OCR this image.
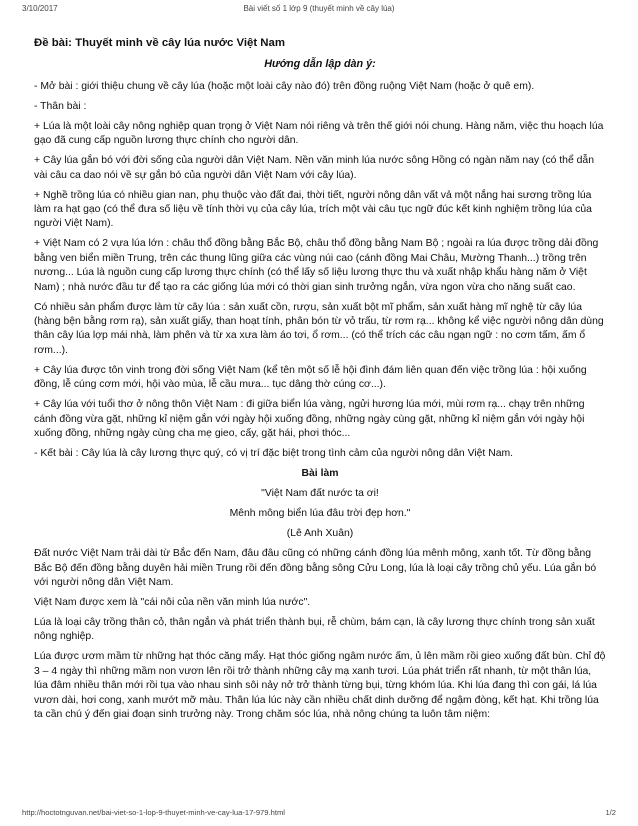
3/10/2017	Bài viết số 1 lớp 9 (thuyết minh về cây lúa)

Đề bài: Thuyết minh về cây lúa nước Việt Nam

Hướng dẫn lập dàn ý:

- Mở bài : giới thiệu chung về cây lúa (hoặc một loài cây nào đó) trên đồng ruộng Việt Nam (hoặc ở quê em).

- Thân bài :

+ Lúa là một loài cây nông nghiệp quan trọng ở Việt Nam nói riêng và trên thế giới nói chung. Hàng năm, việc thu hoạch lúa gạo đã cung cấp nguồn lương thực chính cho người dân.

+ Cây lúa gắn bó với đời sống của người dân Việt Nam. Nền văn minh lúa nước sông Hồng có ngàn năm nay (có thể dẫn vài câu ca dao nói về sự gắn bó của người dân Việt Nam với cây lúa).

+ Nghề trồng lúa có nhiều gian nan, phụ thuộc vào đất đai, thời tiết, người nông dân vất vả một nắng hai sương trồng lúa làm ra hạt gạo (có thể đưa số liệu về tính thời vụ của cây lúa, trích một vài câu tục ngữ đúc kết kinh nghiệm trồng lúa của người Việt Nam).

+ Việt Nam có 2 vựa lúa lớn : châu thổ đồng bằng Bắc Bộ, châu thổ đồng bằng Nam Bộ ; ngoài ra lúa được trồng dải đồng bằng ven biển miền Trung, trên các thung lũng giữa các vùng núi cao (cánh đồng Mai Châu, Mường Thanh...) trồng trên nương... Lúa là nguồn cung cấp lương thực chính (có thể lấy số liệu lương thực thu và xuất nhập khẩu hàng năm ở Việt Nam) ; nhà nước đầu tư để tạo ra các giống lúa mới có thời gian sinh trưởng ngắn, vừa ngon vừa cho năng suất cao.

Có nhiều sản phẩm được làm từ cây lúa : sản xuất cồn, rượu, sản xuất bột mĩ phẩm, sản xuất hàng mĩ nghệ từ cây lúa (hàng bện bằng rơm rạ), sản xuất giấy, than hoạt tính, phân bón từ vỏ trấu, từ rơm rạ... không kể việc người nông dân dùng thân cây lúa lợp mái nhà, làm phên và từ xa xưa làm áo tơi, ổ rơm... (có thể trích các câu ngạn ngữ : no cơm tấm, ấm ổ rơm...).

+ Cây lúa được tôn vinh trong đời sống Việt Nam (kể tên một số lễ hội đình đám liên quan đến việc trồng lúa : hội xuống đồng, lễ cúng cơm mới, hội vào mùa, lễ cầu mưa... tục dâng thờ cúng cơ...).

+ Cây lúa với tuổi thơ ở nông thôn Việt Nam : đi giữa biển lúa vàng, ngửi hương lúa mới, mùi rơm rạ... chạy trên những cánh đồng vừa gặt, những kỉ niệm gắn với ngày hội xuống đồng, những ngày cùng gặt, những kỉ niệm gắn với ngày hội xuống đồng, những ngày cùng cha mẹ gieo, cấy, gặt hái, phơi thóc...

- Kết bài : Cây lúa là cây lương thực quý, có vị trí đặc biệt trong tình cảm của người nông dân Việt Nam.

Bài làm

"Việt Nam đất nước ta ơi!

Mênh mông biển lúa đâu trời đẹp hơn."

(Lê Anh Xuân)

Đất nước Việt Nam trải dài từ Bắc đến Nam, đâu đâu cũng có những cánh đồng lúa mênh mông, xanh tốt. Từ đồng bằng Bắc Bộ đến đồng bằng duyên hải miền Trung rồi đến đồng bằng sông Cửu Long, lúa là loại cây trồng chủ yếu. Lúa gắn bó với người nông dân Việt Nam.

Việt Nam được xem là "cái nôi của nền văn minh lúa nước".

Lúa là loại cây trồng thân cỏ, thân ngắn và phát triển thành bụi, rễ chùm, bám cạn, là cây lương thực chính trong sản xuất nông nghiệp.

Lúa được ươm mầm từ những hạt thóc căng mẩy. Hạt thóc giống ngâm nước ấm, ủ lên mầm rồi gieo xuống đất bùn. Chỉ độ 3 – 4 ngày thì những mầm non vươn lên rồi trở thành những cây mạ xanh tươi. Lúa phát triển rất nhanh, từ một thân lúa, lúa đâm nhiều thân mới rồi tụa vào nhau sinh sôi nảy nở trở thành từng bụi, từng khóm lúa. Khi lúa đang thì con gái, lá lúa vươn dài, hơi cong, xanh mướt mỡ màu. Thân lúa lúc này cần nhiều chất dinh dưỡng để ngậm đòng, kết hạt. Khi trồng lúa ta cần chú ý đến giai đoạn sinh trưởng này. Trong chăm sóc lúa, nhà nông chúng ta luôn tâm niệm:

http://hoctotnguvan.net/bai-viet-so-1-lop-9-thuyet-minh-ve-cay-lua-17-979.html	1/2
